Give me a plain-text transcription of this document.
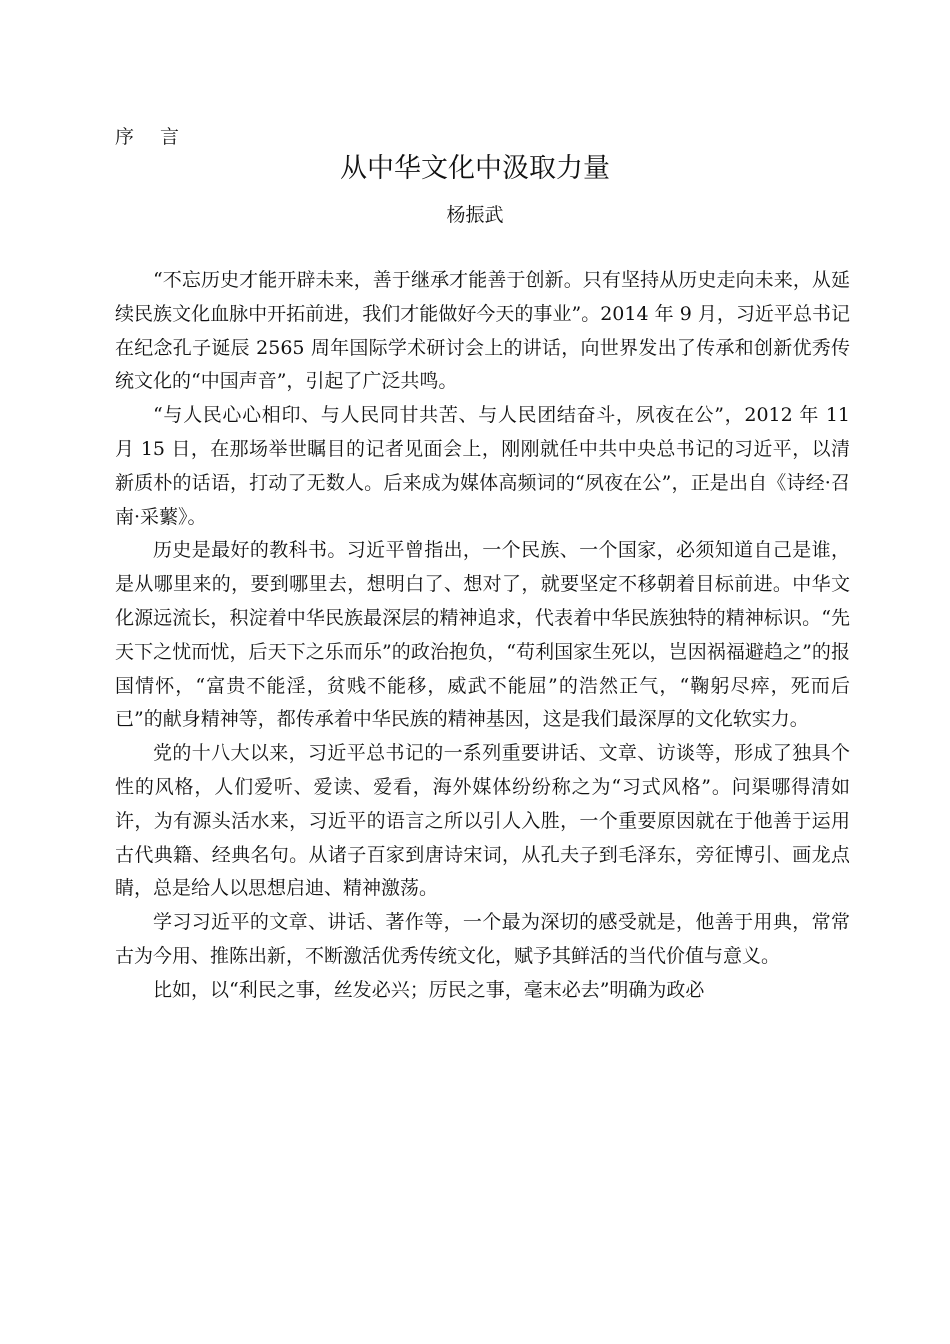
序 言
从中华文化中汲取力量
杨振武

“不忘历史才能开辟未来，善于继承才能善于创新。只有坚持从历史走向未来，从延续民族文化血脉中开拓前进，我们才能做好今天的事业”。2014 年 9 月，习近平总书记在纪念孔子诞辰 2565 周年国际学术研讨会上的讲话，向世界发出了传承和创新优秀传统文化的“中国声音”，引起了广泛共鸣。

“与人民心心相印、与人民同甘共苦、与人民团结奋斗，夙夜在公”，2012 年 11 月 15 日，在那场举世瞩目的记者见面会上，刚刚就任中共中央总书记的习近平，以清新质朴的话语，打动了无数人。后来成为媒体高频词的“夙夜在公”，正是出自《诗经·召南·采蘩》。

历史是最好的教科书。习近平曾指出，一个民族、一个国家，必须知道自己是谁，是从哪里来的，要到哪里去，想明白了、想对了，就要坚定不移朝着目标前进。中华文化源远流长，积淀着中华民族最深层的精神追求，代表着中华民族独特的精神标识。“先天下之忧而忧，后天下之乐而乐”的政治抱负，“苟利国家生死以，岂因祸福避趋之”的报国情怀，“富贵不能淫，贫贱不能移，威武不能屈”的浩然正气，“鞠躬尽瘁，死而后已”的献身精神等，都传承着中华民族的精神基因，这是我们最深厚的文化软实力。

党的十八大以来，习近平总书记的一系列重要讲话、文章、访谈等，形成了独具个性的风格，人们爱听、爱读、爱看，海外媒体纷纷称之为“习式风格”。问渠哪得清如许，为有源头活水来，习近平的语言之所以引人入胜，一个重要原因就在于他善于运用古代典籍、经典名句。从诸子百家到唐诗宋词，从孔夫子到毛泽东，旁征博引、画龙点睛，总是给人以思想启迪、精神激荡。

学习习近平的文章、讲话、著作等，一个最为深切的感受就是，他善于用典，常常古为今用、推陈出新，不断激活优秀传统文化，赋予其鲜活的当代价值与意义。

比如，以“利民之事，丝发必兴；厉民之事，毫末必去”明确为政必
